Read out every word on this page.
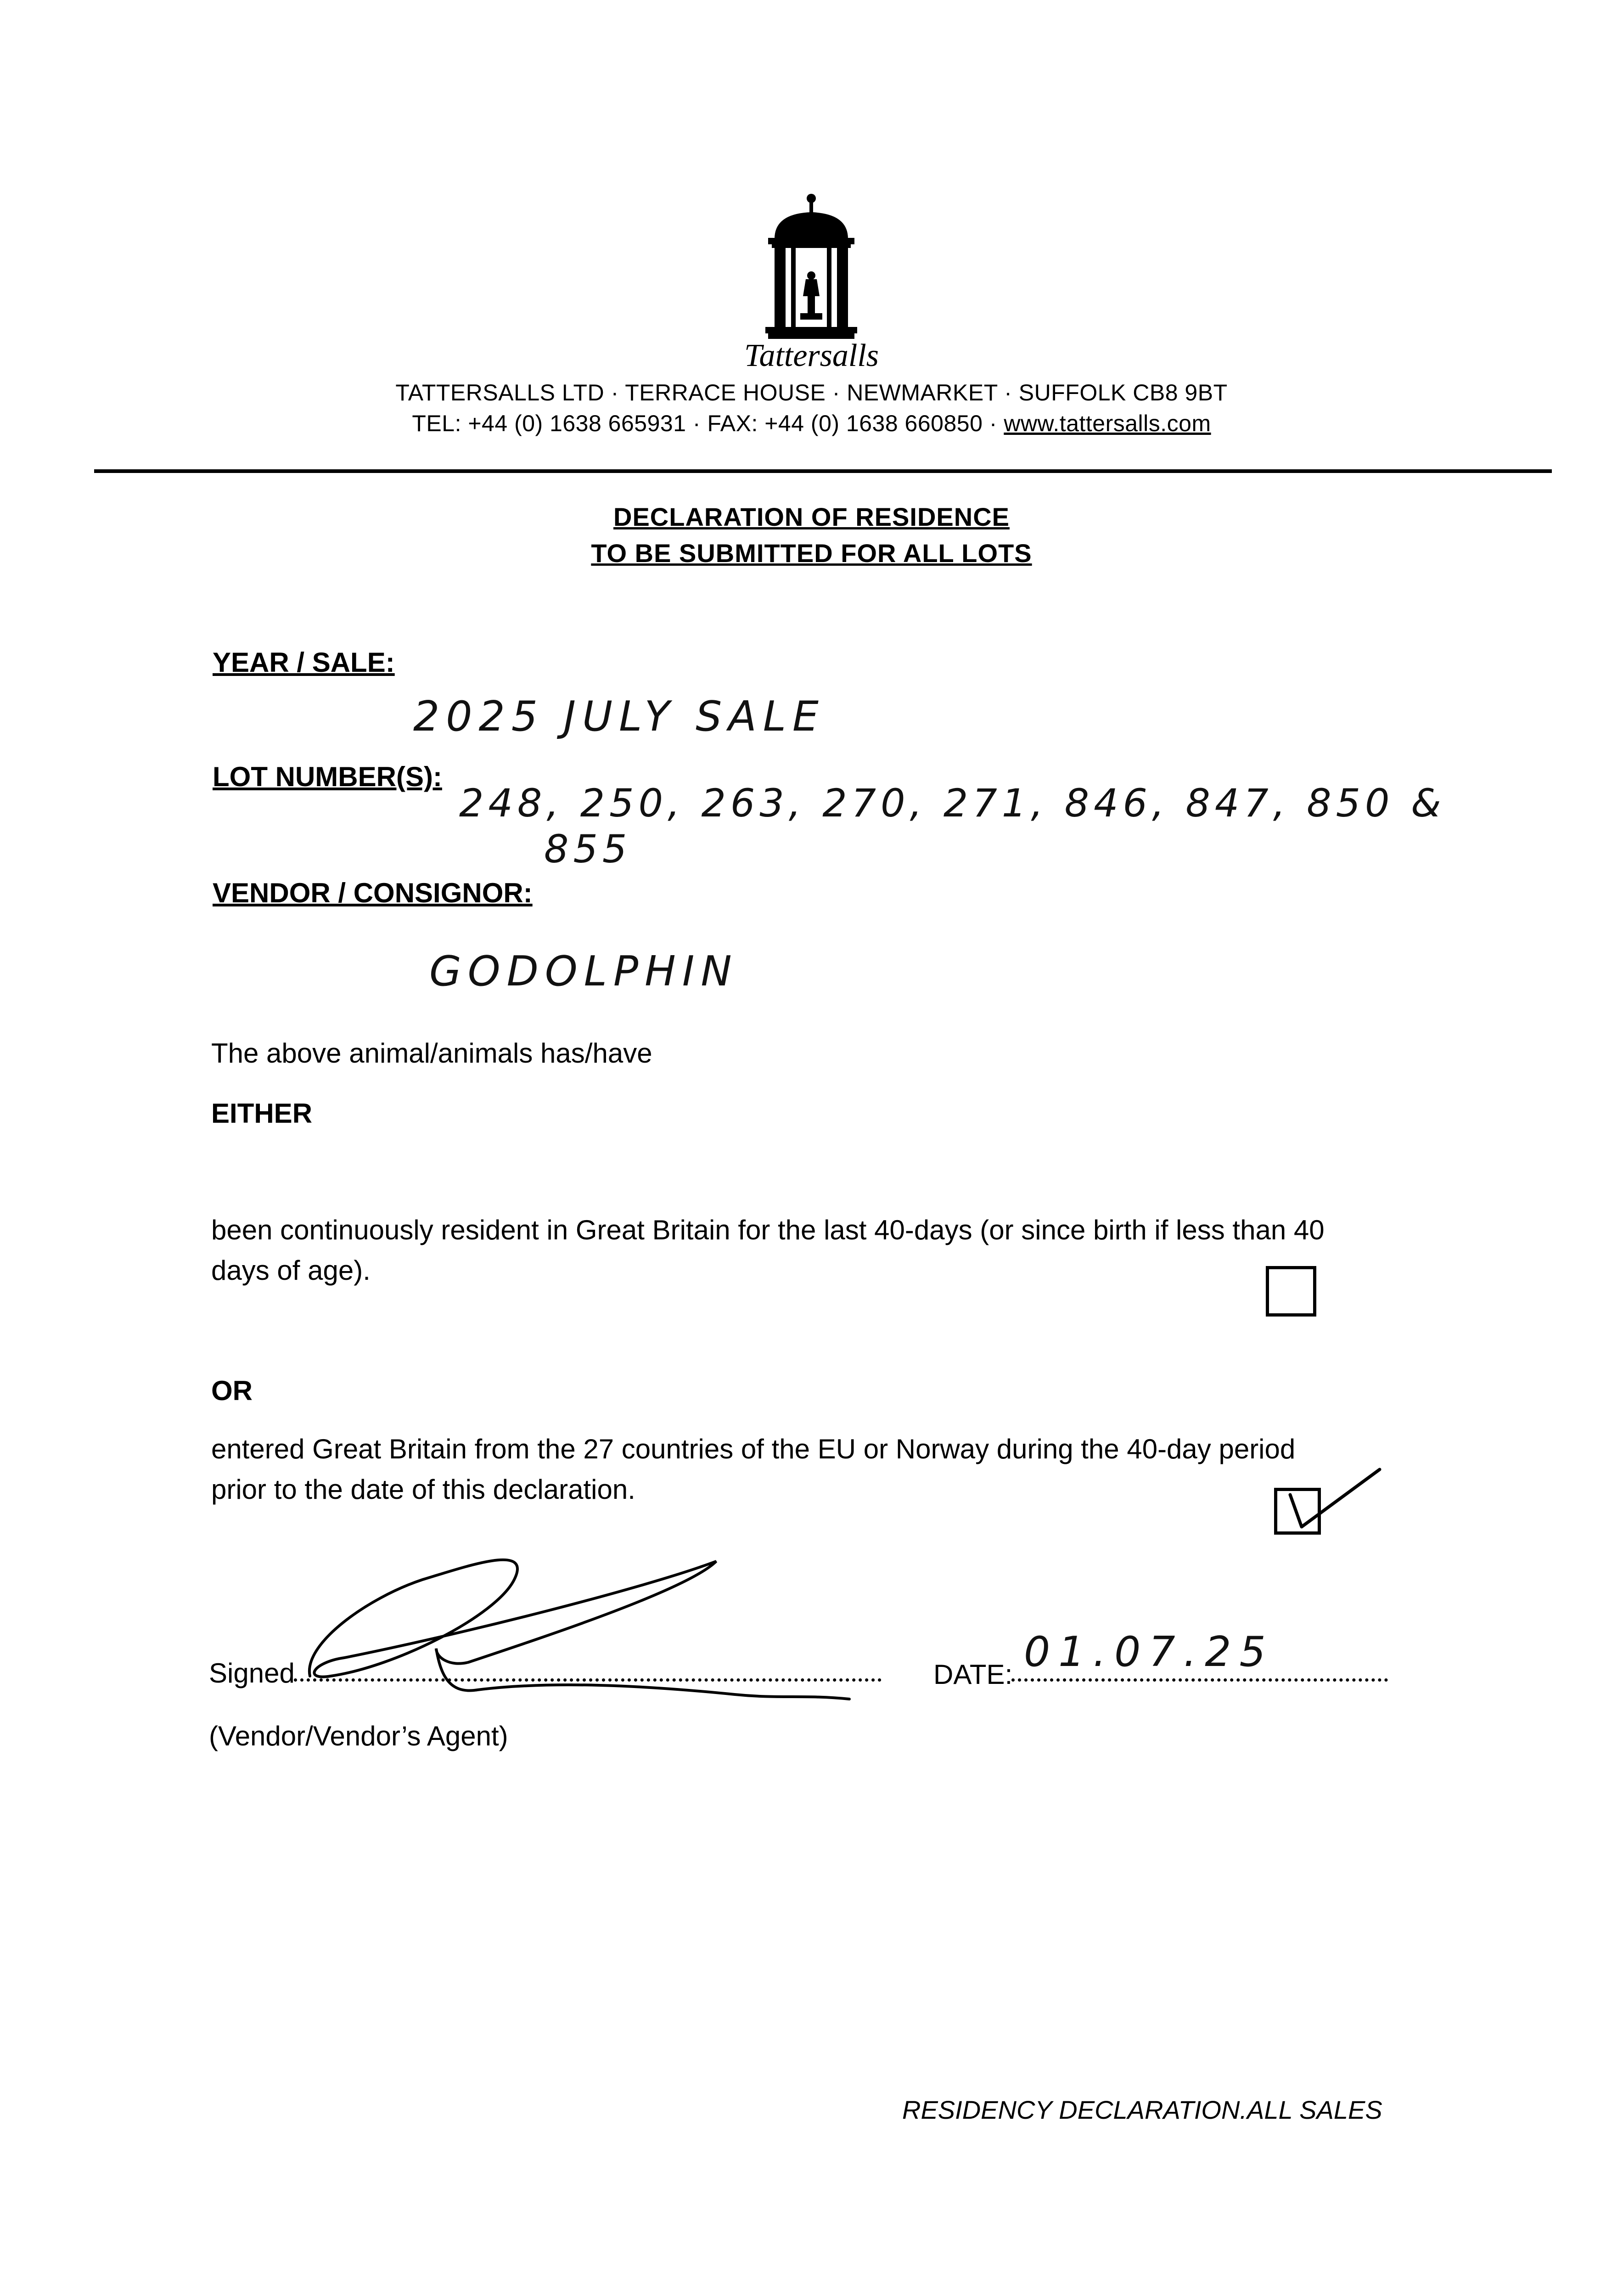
Tattersalls
TATTERSALLS LTD · TERRACE HOUSE · NEWMARKET · SUFFOLK CB8 9BT
TEL: +44 (0) 1638 665931 · FAX: +44 (0) 1638 660850 · www.tattersalls.com
DECLARATION OF RESIDENCE
TO BE SUBMITTED FOR ALL LOTS
YEAR / SALE:
2025 JULY SALE
LOT NUMBER(S):
248, 250, 263, 270, 271, 846, 847, 850 &
855
VENDOR / CONSIGNOR:
GODOLPHIN
The above animal/animals has/have
EITHER
been continuously resident in Great Britain for the last 40-days (or since birth if less than 40
days of age).
OR
entered Great Britain from the 27 countries of the EU or Norway during the 40-day period
prior to the date of this declaration.
Signed
(Vendor/Vendor’s Agent)
DATE: 01.07.25
RESIDENCY DECLARATION.ALL SALES
